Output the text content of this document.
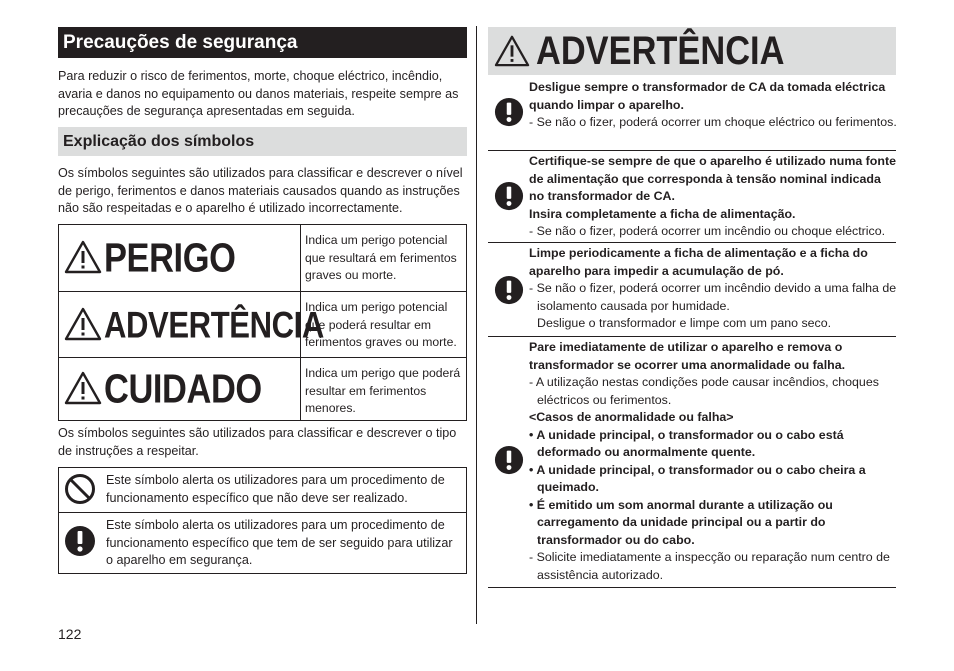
Precauções de segurança
Para reduzir o risco de ferimentos, morte, choque eléctrico, incêndio, avaria e danos no equipamento ou danos materiais, respeite sempre as precauções de segurança apresentadas em seguida.
Explicação dos símbolos
Os símbolos seguintes são utilizados para classificar e descrever o nível de perigo, ferimentos e danos materiais causados quando as instruções não são respeitadas e o aparelho é utilizado incorrectamente.
PERIGO	Indica um perigo potencial que resultará em ferimentos graves ou morte.
ADVERTÊNCIA
Indica um perigo potencial que poderá resultar em ferimentos graves ou morte.
CUIDADO	Indica um perigo que poderá resultar em ferimentos menores.
Os símbolos seguintes são utilizados para classificar e descrever o tipo de instruções a respeitar.
Este símbolo alerta os utilizadores para um procedimento de funcionamento específico que não deve ser realizado.
Este símbolo alerta os utilizadores para um procedimento de funcionamento específico que tem de ser seguido para utilizar o aparelho em segurança.
122
ADVERTÊNCIA
Desligue sempre o transformador de CA da tomada eléctrica quando limpar o aparelho.
- Se não o fizer, poderá ocorrer um choque eléctrico ou ferimentos.
Certifique-se sempre de que o aparelho é utilizado numa fonte de alimentação que corresponda à tensão nominal indicada no transformador de CA.
Insira completamente a ficha de alimentação.
- Se não o fizer, poderá ocorrer um incêndio ou choque eléctrico.
Limpe periodicamente a ficha de alimentação e a ficha do aparelho para impedir a acumulação de pó.
- Se não o fizer, poderá ocorrer um incêndio devido a uma falha de isolamento causada por humidade.
Desligue o transformador e limpe com um pano seco.
Pare imediatamente de utilizar o aparelho e remova o transformador se ocorrer uma anormalidade ou falha.
- A utilização nestas condições pode causar incêndios, choques eléctricos ou ferimentos.
<Casos de anormalidade ou falha>
• A unidade principal, o transformador ou o cabo está deformado ou anormalmente quente.
• A unidade principal, o transformador ou o cabo cheira a queimado.
• É emitido um som anormal durante a utilização ou carregamento da unidade principal ou a partir do transformador ou do cabo.
- Solicite imediatamente a inspecção ou reparação num centro de assistência autorizado.
